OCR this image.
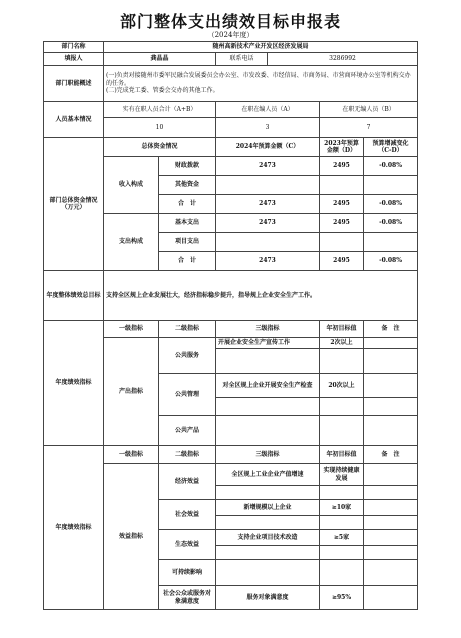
部门整体支出绩效目标申报表
（2024年度）
部门名称	随州高新技术产业开发区经济发展局					
填报人	龚晶晶		联系电话	3286992		
部门职能概述	(一)负责对接随州市委军民融合发展委员会办公室、市发改委、市经信局、市商务局、市营商环境办公室等机构交办的任务。
(二)完成党工委、管委会交办的其他工作。					

人员基本情况	实有在职人员合计（A+B）		在职在编人员（A）		在职无编人员（B）	
	10		3		7	
部门总体资金情况（万元）	总体资金情况		2024年预算金额（C）		2023年预算金额（D）	预算增减变化（C-D）
	收入构成	财政拨款	2473		2495	-0.08%
		其他资金				
		合　计	2473		2495	-0.08%
	支出构成	基本支出	2473		2495	-0.08%
		项目支出				
		合　计	2473		2495	-0.08%
年度整体绩效总目标	支持全区规上企业发展壮大，经济指标稳步提升，指导规上企业安全生产工作。					
年度绩效指标	一级指标	二级指标	三级指标		年初目标值	备　注
	产出指标	公共服务	开展企业安全生产宣传工作		2次以上	

		公共管理	对全区规上企业开展安全生产检查		20次以上	

		公共产品				
年度绩效指标	一级指标	二级指标	三级指标		年初目标值	备　注
	效益指标	经济效益	全区规上工业企业产值增速		实现持续健康发展	

		社会效益	新增规模以上企业		≥10家	

		生态效益	支持企业项目技术改造		≥5家	

		可持续影响				
		社会公众或服务对象满意度	服务对象满意度		≥95%	
